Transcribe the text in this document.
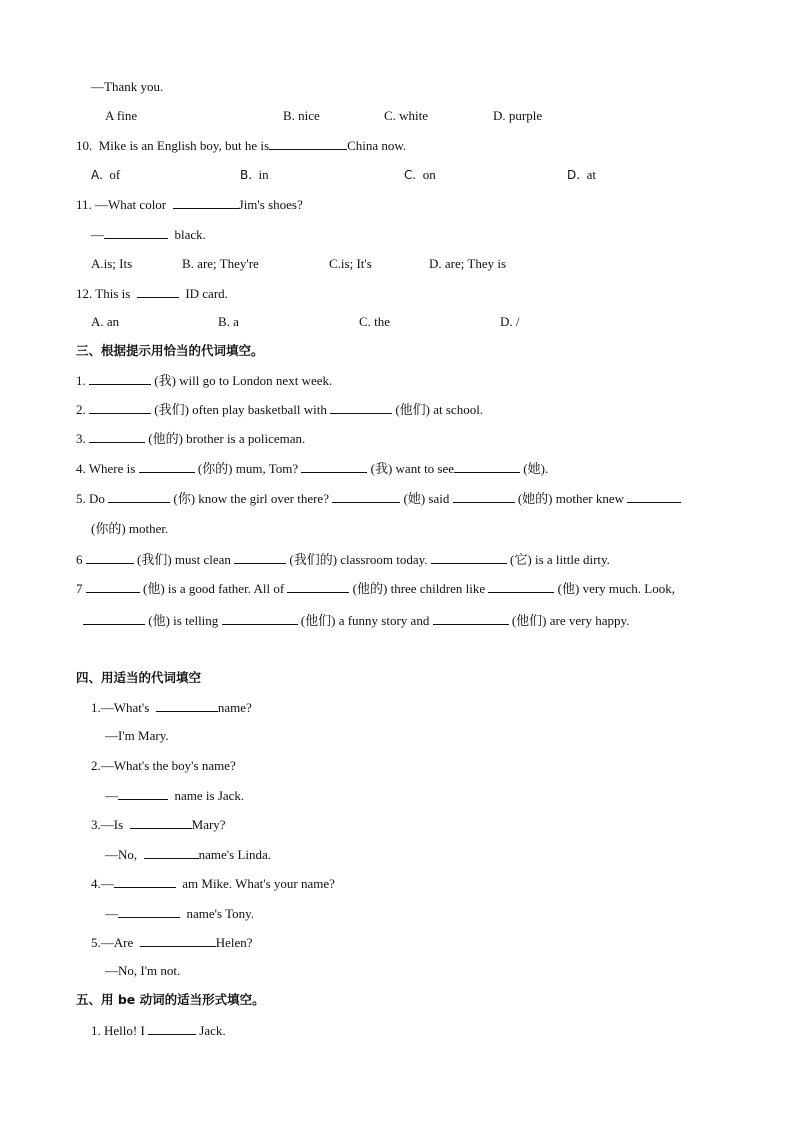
—Thank you.
A fine	B. nice	C. white	D. purple
10.  Mike is an English boy, but he is	China now.
A. of	B. in	C. on	D. at
11. —What color	Jim's shoes?
—	black.
A.is; Its	B. are; They're	C.is; It's	D. are; They is
12. This is	ID card.
A. an	B. a	C. the	D. /
三、根据提示用恰当的代词填空。
1.	(我) will go to London next week.
2.	(我们) often play basketball with	(他们) at school.
3.	(他的) brother is a policeman.
4. Where is	(你的) mum, Tom?	(我) want to see	(她).
5. Do	(你) know the girl over there?	(她) said	(她的) mother knew
(你的) mother.
6	(我们) must clean	(我们的) classroom today.	(它) is a little dirty.
7	(他) is a good father. All of	(他的) three children like	(他) very much. Look,
(他) is telling	(他们) a funny story and	(他们) are very happy.
四、用适当的代词填空
1.—What's	name?
—I'm Mary.
2.—What's the boy's name?
—	name is Jack.
3.—Is	Mary?
—No,	name's Linda.
4.—	am Mike. What's your name?
—	name's Tony.
5.—Are	Helen?
—No, I'm not.
五、用 be 动词的适当形式填空。
1. Hello! I	Jack.
